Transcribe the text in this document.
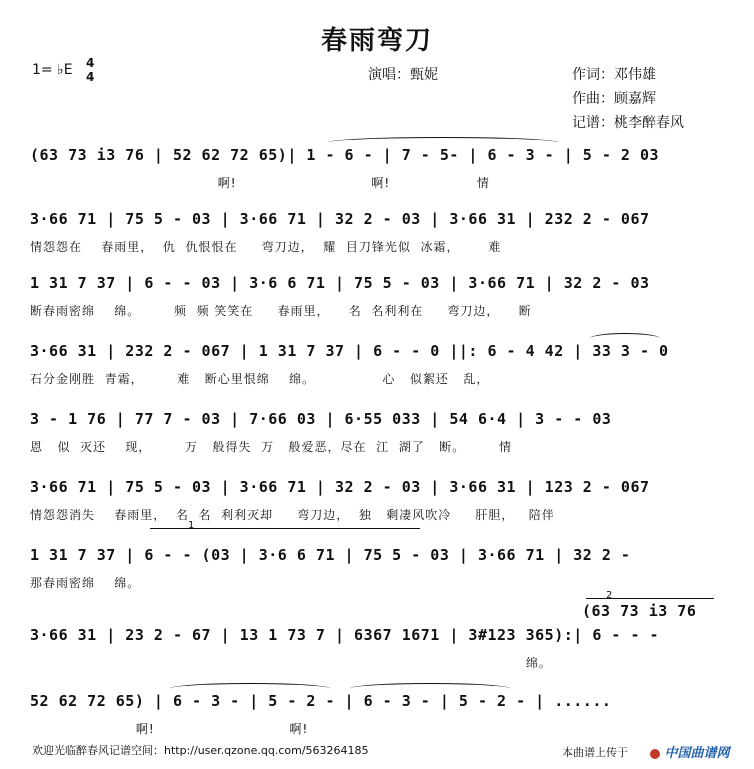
春雨弯刀
1= ♭E 4
4	演唱：甄妮	作词：邓伟雄
作曲：顾嘉辉
记谱：桃李醉春风
(63 73 i3 76 | 52 62 72 65)| 1 - 6 - | 7 - 5- | 6 - 3 - | 5 - 2 03
啊!                            啊!                  情
3·66 71 | 75 5 - 03 | 3·66 71 | 32 2 - 03 | 3·66 31 | 232 2 - 067
情怨怨在    春雨里，  仇  仇恨恨在     弯刀边，  耀  目刀锋光似  冰霜，      难
1 31 7 37 | 6 - - 03 | 3·6 6 71 | 75 5 - 03 | 3·66 71 | 32 2 - 03
断春雨密绵    绵。       频  频 笑笑在     春雨里，    名  名利利在     弯刀边，    断
3·66 31 | 232 2 - 067 | 1 31 7 37 | 6 - - 0 ||: 6 - 4 42 | 33 3 - 0
石分金刚胜  青霜，       难   断心里恨绵    绵。              心   似絮还   乱，
3 - 1 76 | 77 7 - 03 | 7·66 03 | 6·55 033 | 54 6·4 | 3 - - 03
恩   似  灭还    现，       万   般得失  万   般爱恶，尽在  江  湖了   断。       情
3·66 71 | 75 5 - 03 | 3·66 71 | 32 2 - 03 | 3·66 31 | 123 2 - 067
情怨怨消失    春雨里，  名  名  利利灭却     弯刀边，  独   剩凄风吹冷     肝胆，   陪伴
1 31 7 37 | 6 - - (03 | 3·6 6 71 | 75 5 - 03 | 3·66 71 | 32 2 -
那春雨密绵    绵。
1
2
(63 73 i3 76
3·66 31 | 23 2 - 67 | 13 1 73 7 | 6367 1671 | 3#123 365):| 6 - - -
绵。
52 62 72 65) | 6 - 3 - | 5 - 2 - | 6 - 3 - | 5 - 2 - | ......
啊!                            啊!
欢迎光临醉春风记谱空间：http://user.qzone.qq.com/563264185	本曲谱上传于	中国曲谱网
